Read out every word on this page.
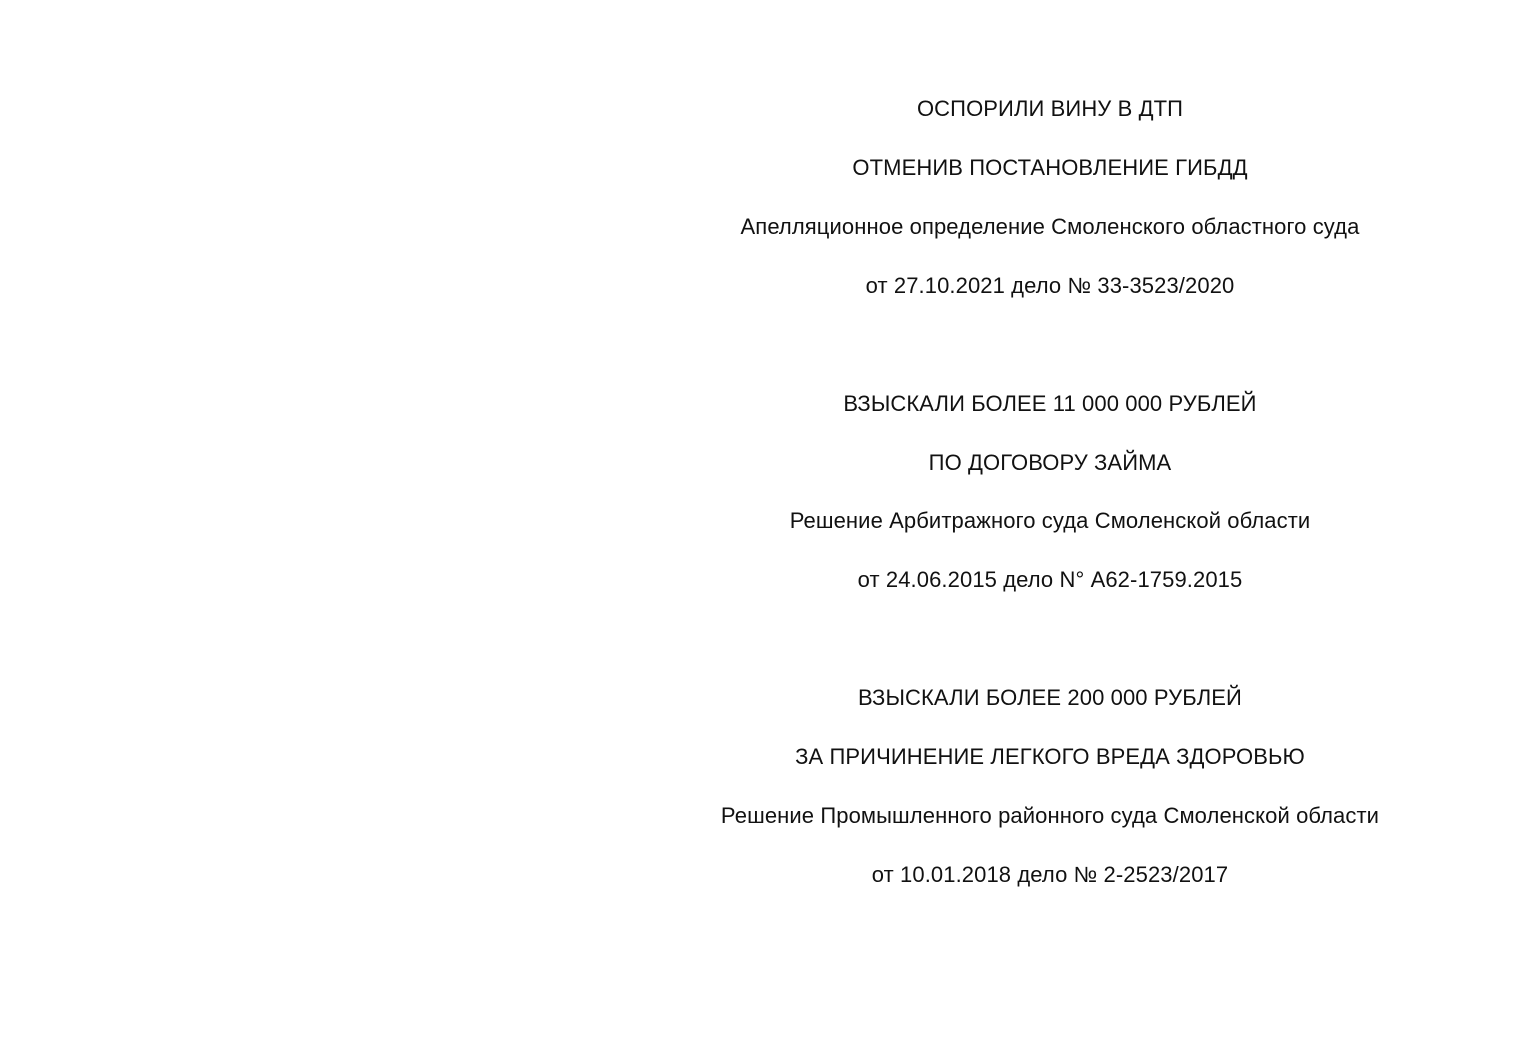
ОСПОРИЛИ ВИНУ В ДТП
ОТМЕНИВ ПОСТАНОВЛЕНИЕ ГИБДД
Апелляционное определение Смоленского областного суда
от 27.10.2021 дело № 33-3523/2020
ВЗЫСКАЛИ БОЛЕЕ 11 000 000 РУБЛЕЙ
ПО ДОГОВОРУ ЗАЙМА
Решение Арбитражного суда Смоленской области
от 24.06.2015 дело N° А62-1759.2015
ВЗЫСКАЛИ БОЛЕЕ 200 000 РУБЛЕЙ
ЗА ПРИЧИНЕНИЕ ЛЕГКОГО ВРЕДА ЗДОРОВЬЮ
Решение Промышленного районного суда Смоленской области
от 10.01.2018 дело № 2-2523/2017
